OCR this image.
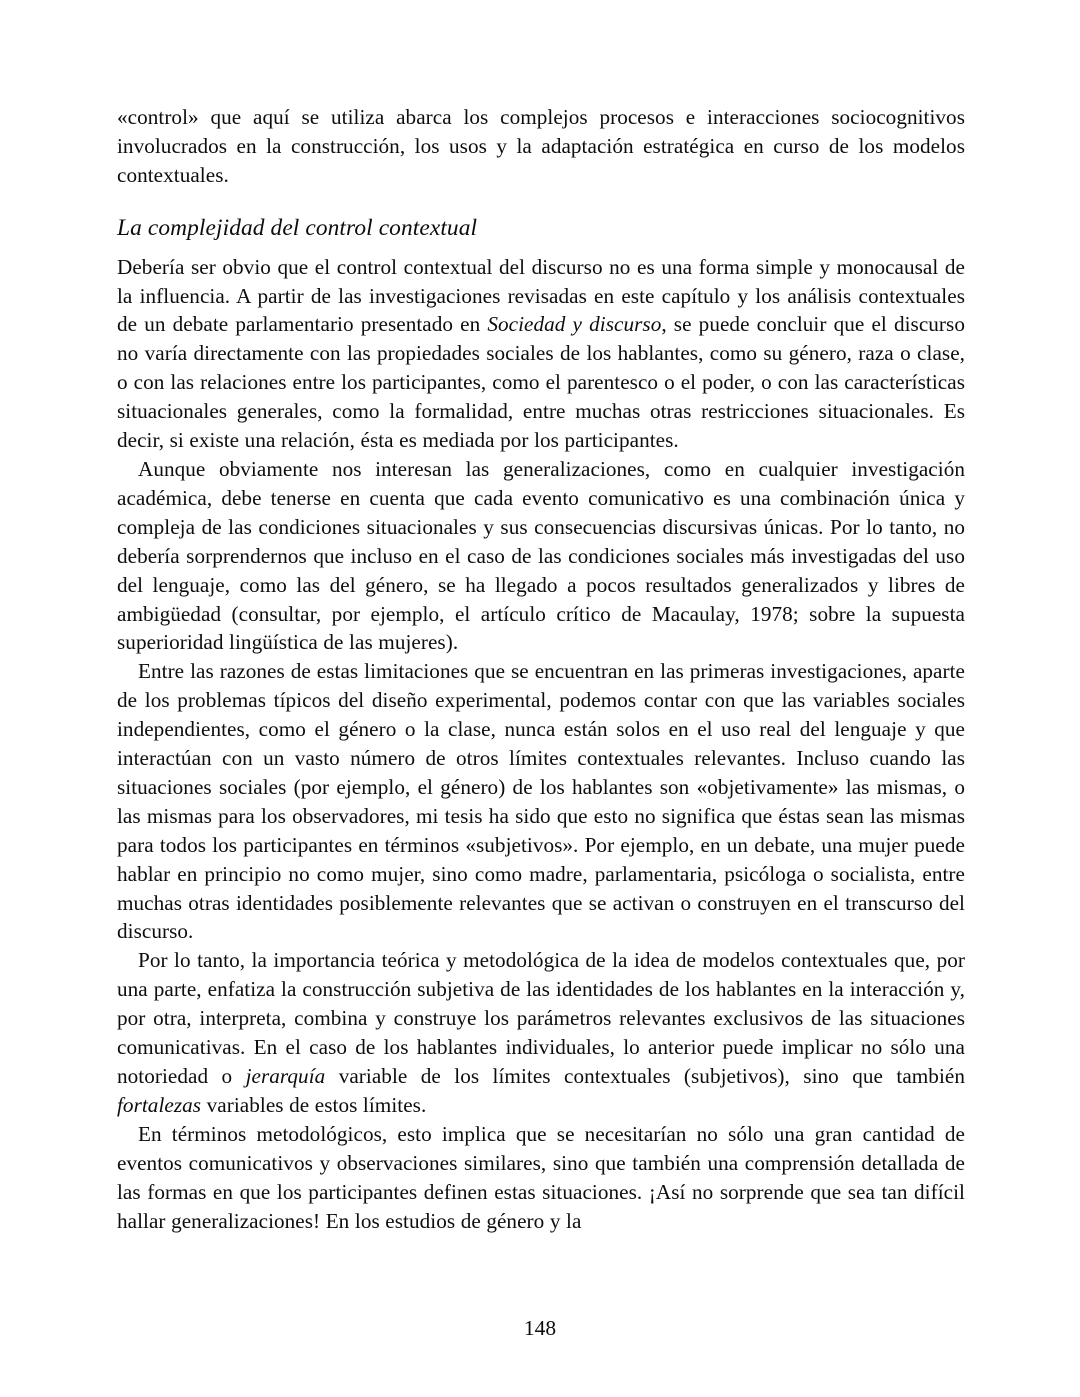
«control» que aquí se utiliza abarca los complejos procesos e interacciones sociocognitivos involucrados en la construcción, los usos y la adaptación estratégica en curso de los modelos contextuales.

La complejidad del control contextual

Debería ser obvio que el control contextual del discurso no es una forma simple y monocausal de la influencia. A partir de las investigaciones revisadas en este capítulo y los análisis contextuales de un debate parlamentario presentado en Sociedad y discurso, se puede concluir que el discurso no varía directamente con las propiedades sociales de los hablantes, como su género, raza o clase, o con las relaciones entre los participantes, como el parentesco o el poder, o con las características situacionales generales, como la formalidad, entre muchas otras restricciones situacionales. Es decir, si existe una relación, ésta es mediada por los participantes.

Aunque obviamente nos interesan las generalizaciones, como en cualquier investigación académica, debe tenerse en cuenta que cada evento comunicativo es una combinación única y compleja de las condiciones situacionales y sus consecuencias discursivas únicas. Por lo tanto, no debería sorprendernos que incluso en el caso de las condiciones sociales más investigadas del uso del lenguaje, como las del género, se ha llegado a pocos resultados generalizados y libres de ambigüedad (consultar, por ejemplo, el artículo crítico de Macaulay, 1978; sobre la supuesta superioridad lingüística de las mujeres).

Entre las razones de estas limitaciones que se encuentran en las primeras investigaciones, aparte de los problemas típicos del diseño experimental, podemos contar con que las variables sociales independientes, como el género o la clase, nunca están solos en el uso real del lenguaje y que interactúan con un vasto número de otros límites contextuales relevantes. Incluso cuando las situaciones sociales (por ejemplo, el género) de los hablantes son «objetivamente» las mismas, o las mismas para los observadores, mi tesis ha sido que esto no significa que éstas sean las mismas para todos los participantes en términos «subjetivos». Por ejemplo, en un debate, una mujer puede hablar en principio no como mujer, sino como madre, parlamentaria, psicóloga o socialista, entre muchas otras identidades posiblemente relevantes que se activan o construyen en el transcurso del discurso.

Por lo tanto, la importancia teórica y metodológica de la idea de modelos contextuales que, por una parte, enfatiza la construcción subjetiva de las identidades de los hablantes en la interacción y, por otra, interpreta, combina y construye los parámetros relevantes exclusivos de las situaciones comunicativas. En el caso de los hablantes individuales, lo anterior puede implicar no sólo una notoriedad o jerarquía variable de los límites contextuales (subjetivos), sino que también fortalezas variables de estos límites.

En términos metodológicos, esto implica que se necesitarían no sólo una gran cantidad de eventos comunicativos y observaciones similares, sino que también una comprensión detallada de las formas en que los participantes definen estas situaciones. ¡Así no sorprende que sea tan difícil hallar generalizaciones! En los estudios de género y la

148
